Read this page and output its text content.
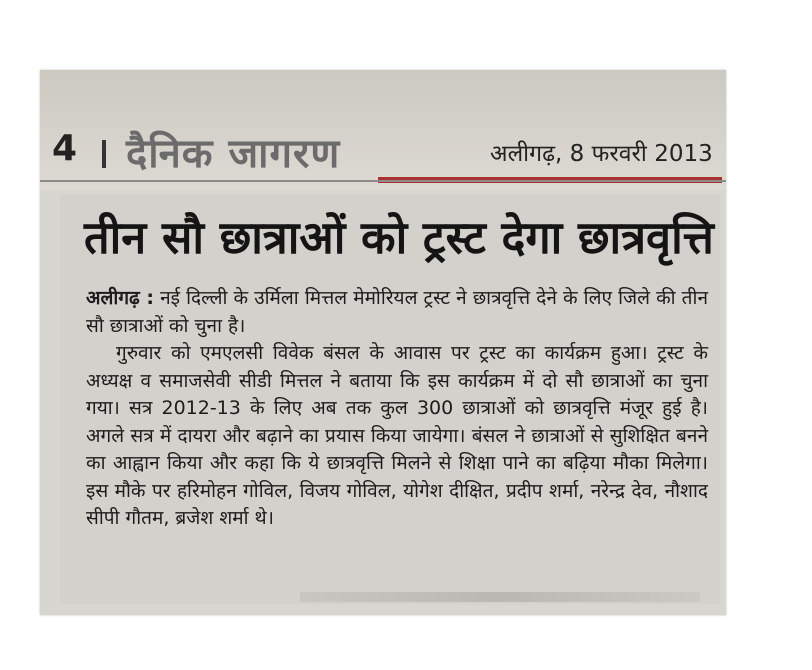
4 दैनिक जागरण	अलीगढ़, 8 फरवरी 2013
तीन सौ छात्राओं को ट्रस्ट देगा छात्रवृत्ति

अलीगढ़ : नई दिल्ली के उर्मिला मित्तल मेमोरियल ट्रस्ट ने छात्रवृत्ति देने के लिए जिले की तीन सौ छात्राओं को चुना है।

गुरुवार को एमएलसी विवेक बंसल के आवास पर ट्रस्ट का कार्यक्रम हुआ। ट्रस्ट के अध्यक्ष व समाजसेवी सीडी मित्तल ने बताया कि इस कार्यक्रम में दो सौ छात्राओं का चुना गया। सत्र 2012-13 के लिए अब तक कुल 300 छात्राओं को छात्रवृत्ति मंजूर हुई है। अगले सत्र में दायरा और बढ़ाने का प्रयास किया जायेगा। बंसल ने छात्राओं से सुशिक्षित बनने का आह्वान किया और कहा कि ये छात्रवृत्ति मिलने से शिक्षा पाने का बढ़िया मौका मिलेगा। इस मौके पर हरिमोहन गोविल, विजय गोविल, योगेश दीक्षित, प्रदीप शर्मा, नरेन्द्र देव, नौशाद सीपी गौतम, ब्रजेश शर्मा थे।
